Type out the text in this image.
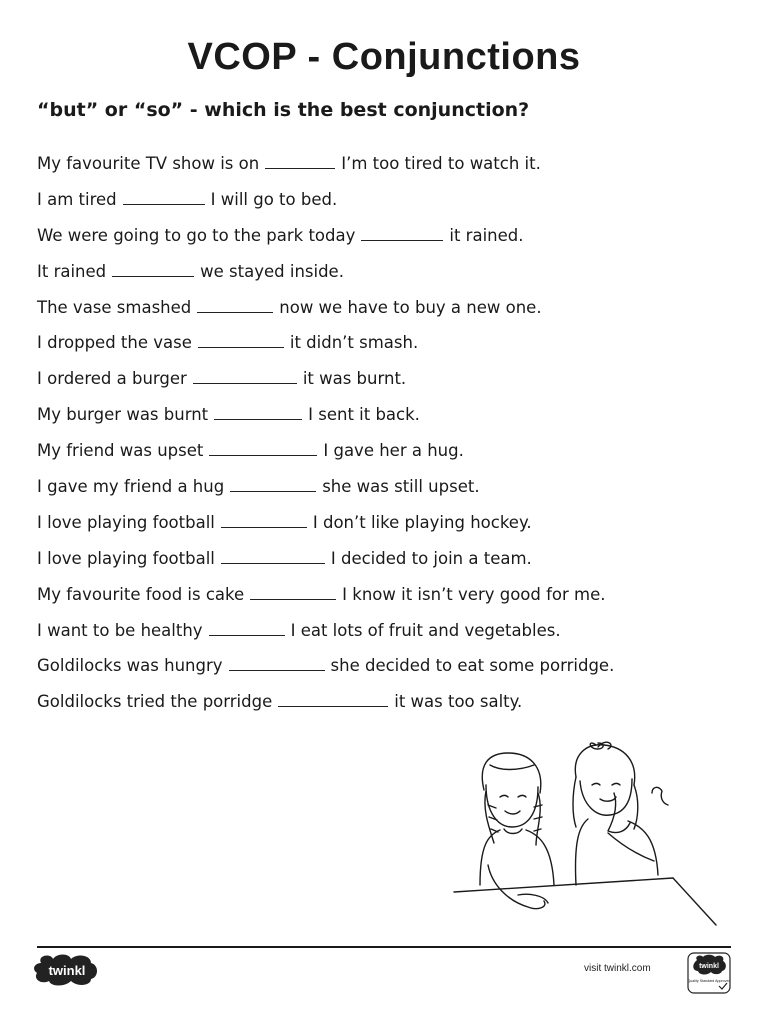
VCOP - Conjunctions
“but” or “so” - which is the best conjunction?
My favourite TV show is on	I’m too tired to watch it.
I am tired	I will go to bed.
We were going to go to the park today	it rained.
It rained	we stayed inside.
The vase smashed	now we have to buy a new one.
I dropped the vase	it didn’t smash.
I ordered a burger	it was burnt.
My burger was burnt	I sent it back.
My friend was upset	I gave her a hug.
I gave my friend a hug	she was still upset.
I love playing football	I don’t like playing hockey.
I love playing football	I decided to join a team.
My favourite food is cake	I know it isn’t very good for me.
I want to be healthy	I eat lots of fruit and vegetables.
Goldilocks was hungry	she decided to eat some porridge.
Goldilocks tried the porridge	it was too salty.
twinkl	visit twinkl.com	twinkl
Quality Standard Approved
